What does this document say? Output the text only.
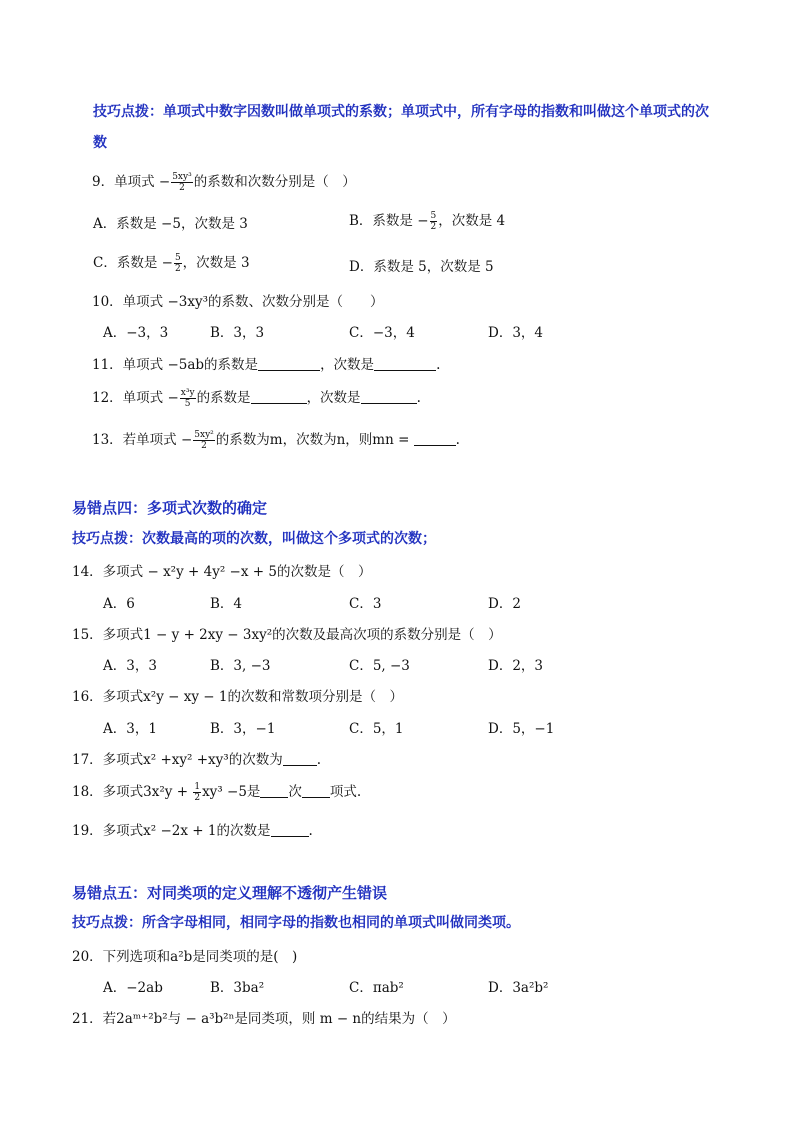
技巧点拨：单项式中数字因数叫做单项式的系数；单项式中，所有字母的指数和叫做这个单项式的次
数
9．单项式 − $\frac{\text{5xy³}}{2}$ 的系数和次数分别是（　）
A．系数是 −5，次数是 3	B．系数是 − $\frac{5}{2}$ ，次数是 4
C．系数是 − $\frac{5}{2}$ ，次数是 3	D．系数是 5，次数是 5
10．单项式 −3xy³的系数、次数分别是（　　）
A．−3，3	B．3，3	C．−3，4	D．3，4
11．单项式 −5ab的系数是	，次数是	.
12．单项式 − $\frac{\text{x³y}}{5}$ 的系数是	，次数是	.
13．若单项式 − $\frac{\text{5xy²}}{2}$ 的系数为m，次数为n，则mn =	.
易错点四：多项式次数的确定
技巧点拨：次数最高的项的次数，叫做这个多项式的次数；
14．多项式 − x²y + 4y² −x + 5的次数是（　）
A．6	B．4	C．3	D．2
15．多项式1 − y + 2xy − 3xy²的次数及最高次项的系数分别是（　）
A．3，3	B．3, −3	C．5, −3	D．2，3
16．多项式x²y − xy − 1的次数和常数项分别是（　）
A．3，1	B．3，−1	C．5，1	D．5，−1
17．多项式x² +xy² +xy³的次数为	.
18．多项式$3x^2y + \frac{1}{2} xy^3 -5$是 次 项式.
19．多项式x² −2x + 1的次数是	.
易错点五：对同类项的定义理解不透彻产生错误
技巧点拨：所含字母相同，相同字母的指数也相同的单项式叫做同类项。
20．下列选项和a²b是同类项的是(　)
A．−2ab	B．3ba²	C．πab²	D．3a²b²
21．若2aᵐ⁺²b²与 − a³b²ⁿ是同类项，则 m − n的结果为（　）
